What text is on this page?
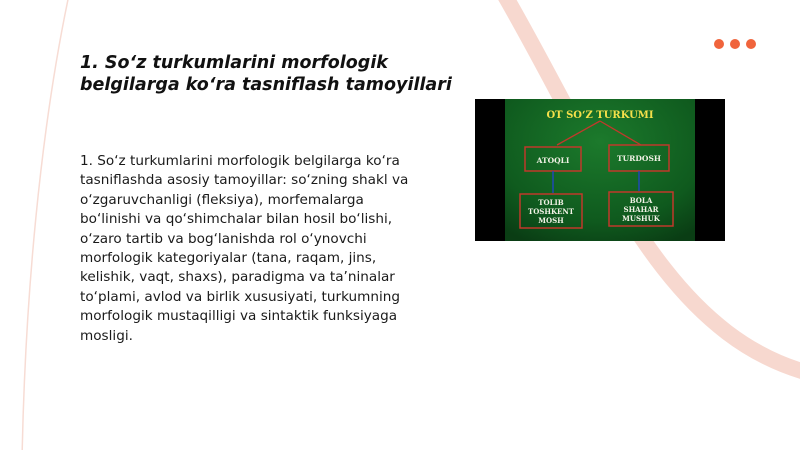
1. So‘z turkumlarini morfologik belgilarga ko‘ra tasniflash tamoyillari

1. So‘z turkumlarini morfologik belgilarga ko‘ra tasniflashda asosiy tamoyillar: so‘zning shakl va o‘zgaruvchanligi (fleksiya), morfemalarga bo‘linishi va qo‘shimchalar bilan hosil bo‘lishi, o‘zaro tartib va bog‘lanishda rol o‘ynovchi morfologik kategoriyalar (tana, raqam, jins, kelishik, vaqt, shaxs), paradigma va ta’ninalar to‘plami, avlod va birlik xususiyati, turkumning morfologik mustaqilligi va sintaktik funksiyaga mosligi.

OT SO‘Z TURKUMI
ATOQLI	TURDOSH
TOLIB
TOSHKENT
MOSH
BOLA
SHAHAR
MUSHUK
